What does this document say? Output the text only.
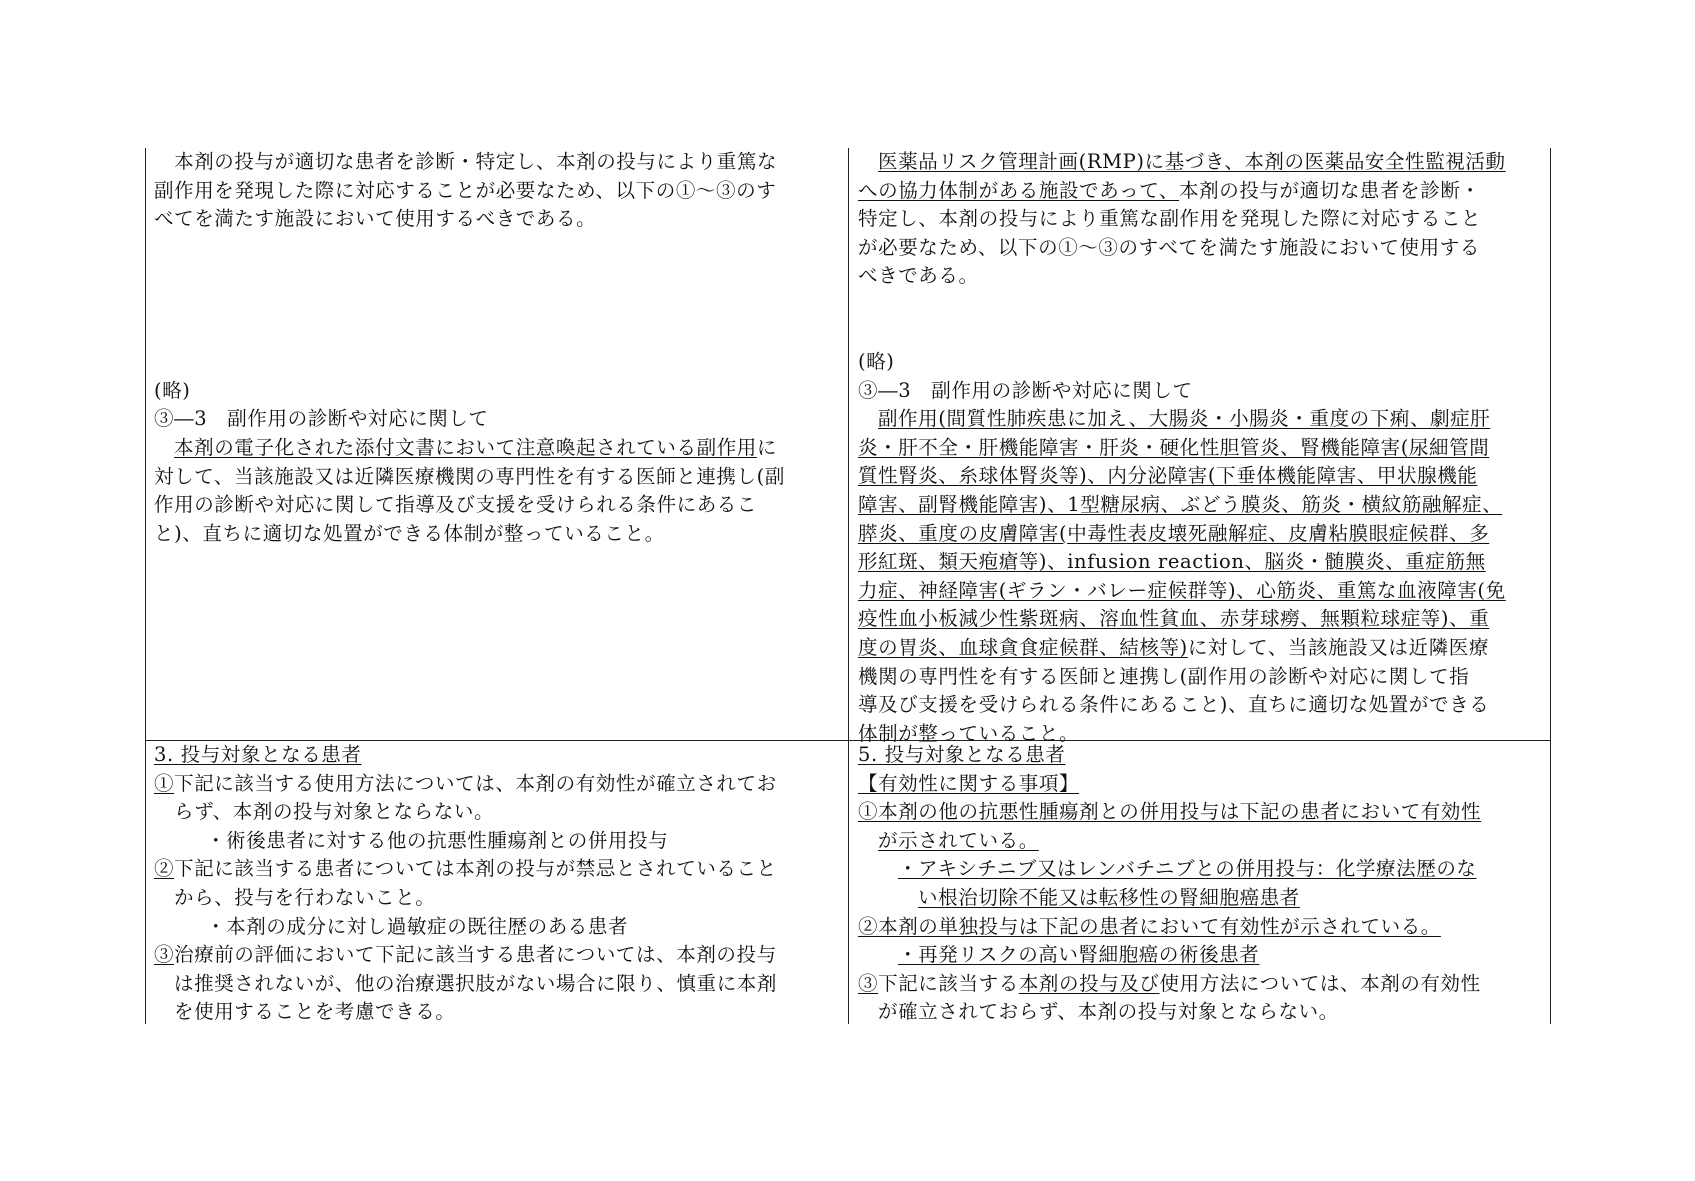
　本剤の投与が適切な患者を診断・特定し、本剤の投与により重篤な
副作用を発現した際に対応することが必要なため、以下の①～③のす
べてを満たす施設において使用するべきである。
(略)
③―3　副作用の診断や対応に関して
本剤の電子化された添付文書において注意喚起されている副作用に
対して、当該施設又は近隣医療機関の専門性を有する医師と連携し(副
作用の診断や対応に関して指導及び支援を受けられる条件にあるこ
と)、直ちに適切な処置ができる体制が整っていること。
医薬品リスク管理計画(RMP)に基づき、本剤の医薬品安全性監視活動
への協力体制がある施設であって、本剤の投与が適切な患者を診断・
特定し、本剤の投与により重篤な副作用を発現した際に対応すること
が必要なため、以下の①～③のすべてを満たす施設において使用する
べきである。
(略)
③―3　副作用の診断や対応に関して
副作用(間質性肺疾患に加え、大腸炎・小腸炎・重度の下痢、劇症肝
炎・肝不全・肝機能障害・肝炎・硬化性胆管炎、腎機能障害(尿細管間
質性腎炎、糸球体腎炎等)、内分泌障害(下垂体機能障害、甲状腺機能
障害、副腎機能障害)、1型糖尿病、ぶどう膜炎、筋炎・横紋筋融解症、
膵炎、重度の皮膚障害(中毒性表皮壊死融解症、皮膚粘膜眼症候群、多
形紅斑、類天疱瘡等)、infusion reaction、脳炎・髄膜炎、重症筋無
力症、神経障害(ギラン・バレー症候群等)、心筋炎、重篤な血液障害(免
疫性血小板減少性紫斑病、溶血性貧血、赤芽球癆、無顆粒球症等)、重
度の胃炎、血球貪食症候群、結核等)に対して、当該施設又は近隣医療
機関の専門性を有する医師と連携し(副作用の診断や対応に関して指
導及び支援を受けられる条件にあること)、直ちに適切な処置ができる
体制が整っていること。
3. 投与対象となる患者
①下記に該当する使用方法については、本剤の有効性が確立されてお
らず、本剤の投与対象とならない。
・術後患者に対する他の抗悪性腫瘍剤との併用投与
②下記に該当する患者については本剤の投与が禁忌とされていること
から、投与を行わないこと。
・本剤の成分に対し過敏症の既往歴のある患者
③治療前の評価において下記に該当する患者については、本剤の投与
は推奨されないが、他の治療選択肢がない場合に限り、慎重に本剤
を使用することを考慮できる。
5. 投与対象となる患者
【有効性に関する事項】
①本剤の他の抗悪性腫瘍剤との併用投与は下記の患者において有効性
が示されている。
・アキシチニブ又はレンバチニブとの併用投与：化学療法歴のな
い根治切除不能又は転移性の腎細胞癌患者
②本剤の単独投与は下記の患者において有効性が示されている。
・再発リスクの高い腎細胞癌の術後患者
③下記に該当する本剤の投与及び使用方法については、本剤の有効性
が確立されておらず、本剤の投与対象とならない。
